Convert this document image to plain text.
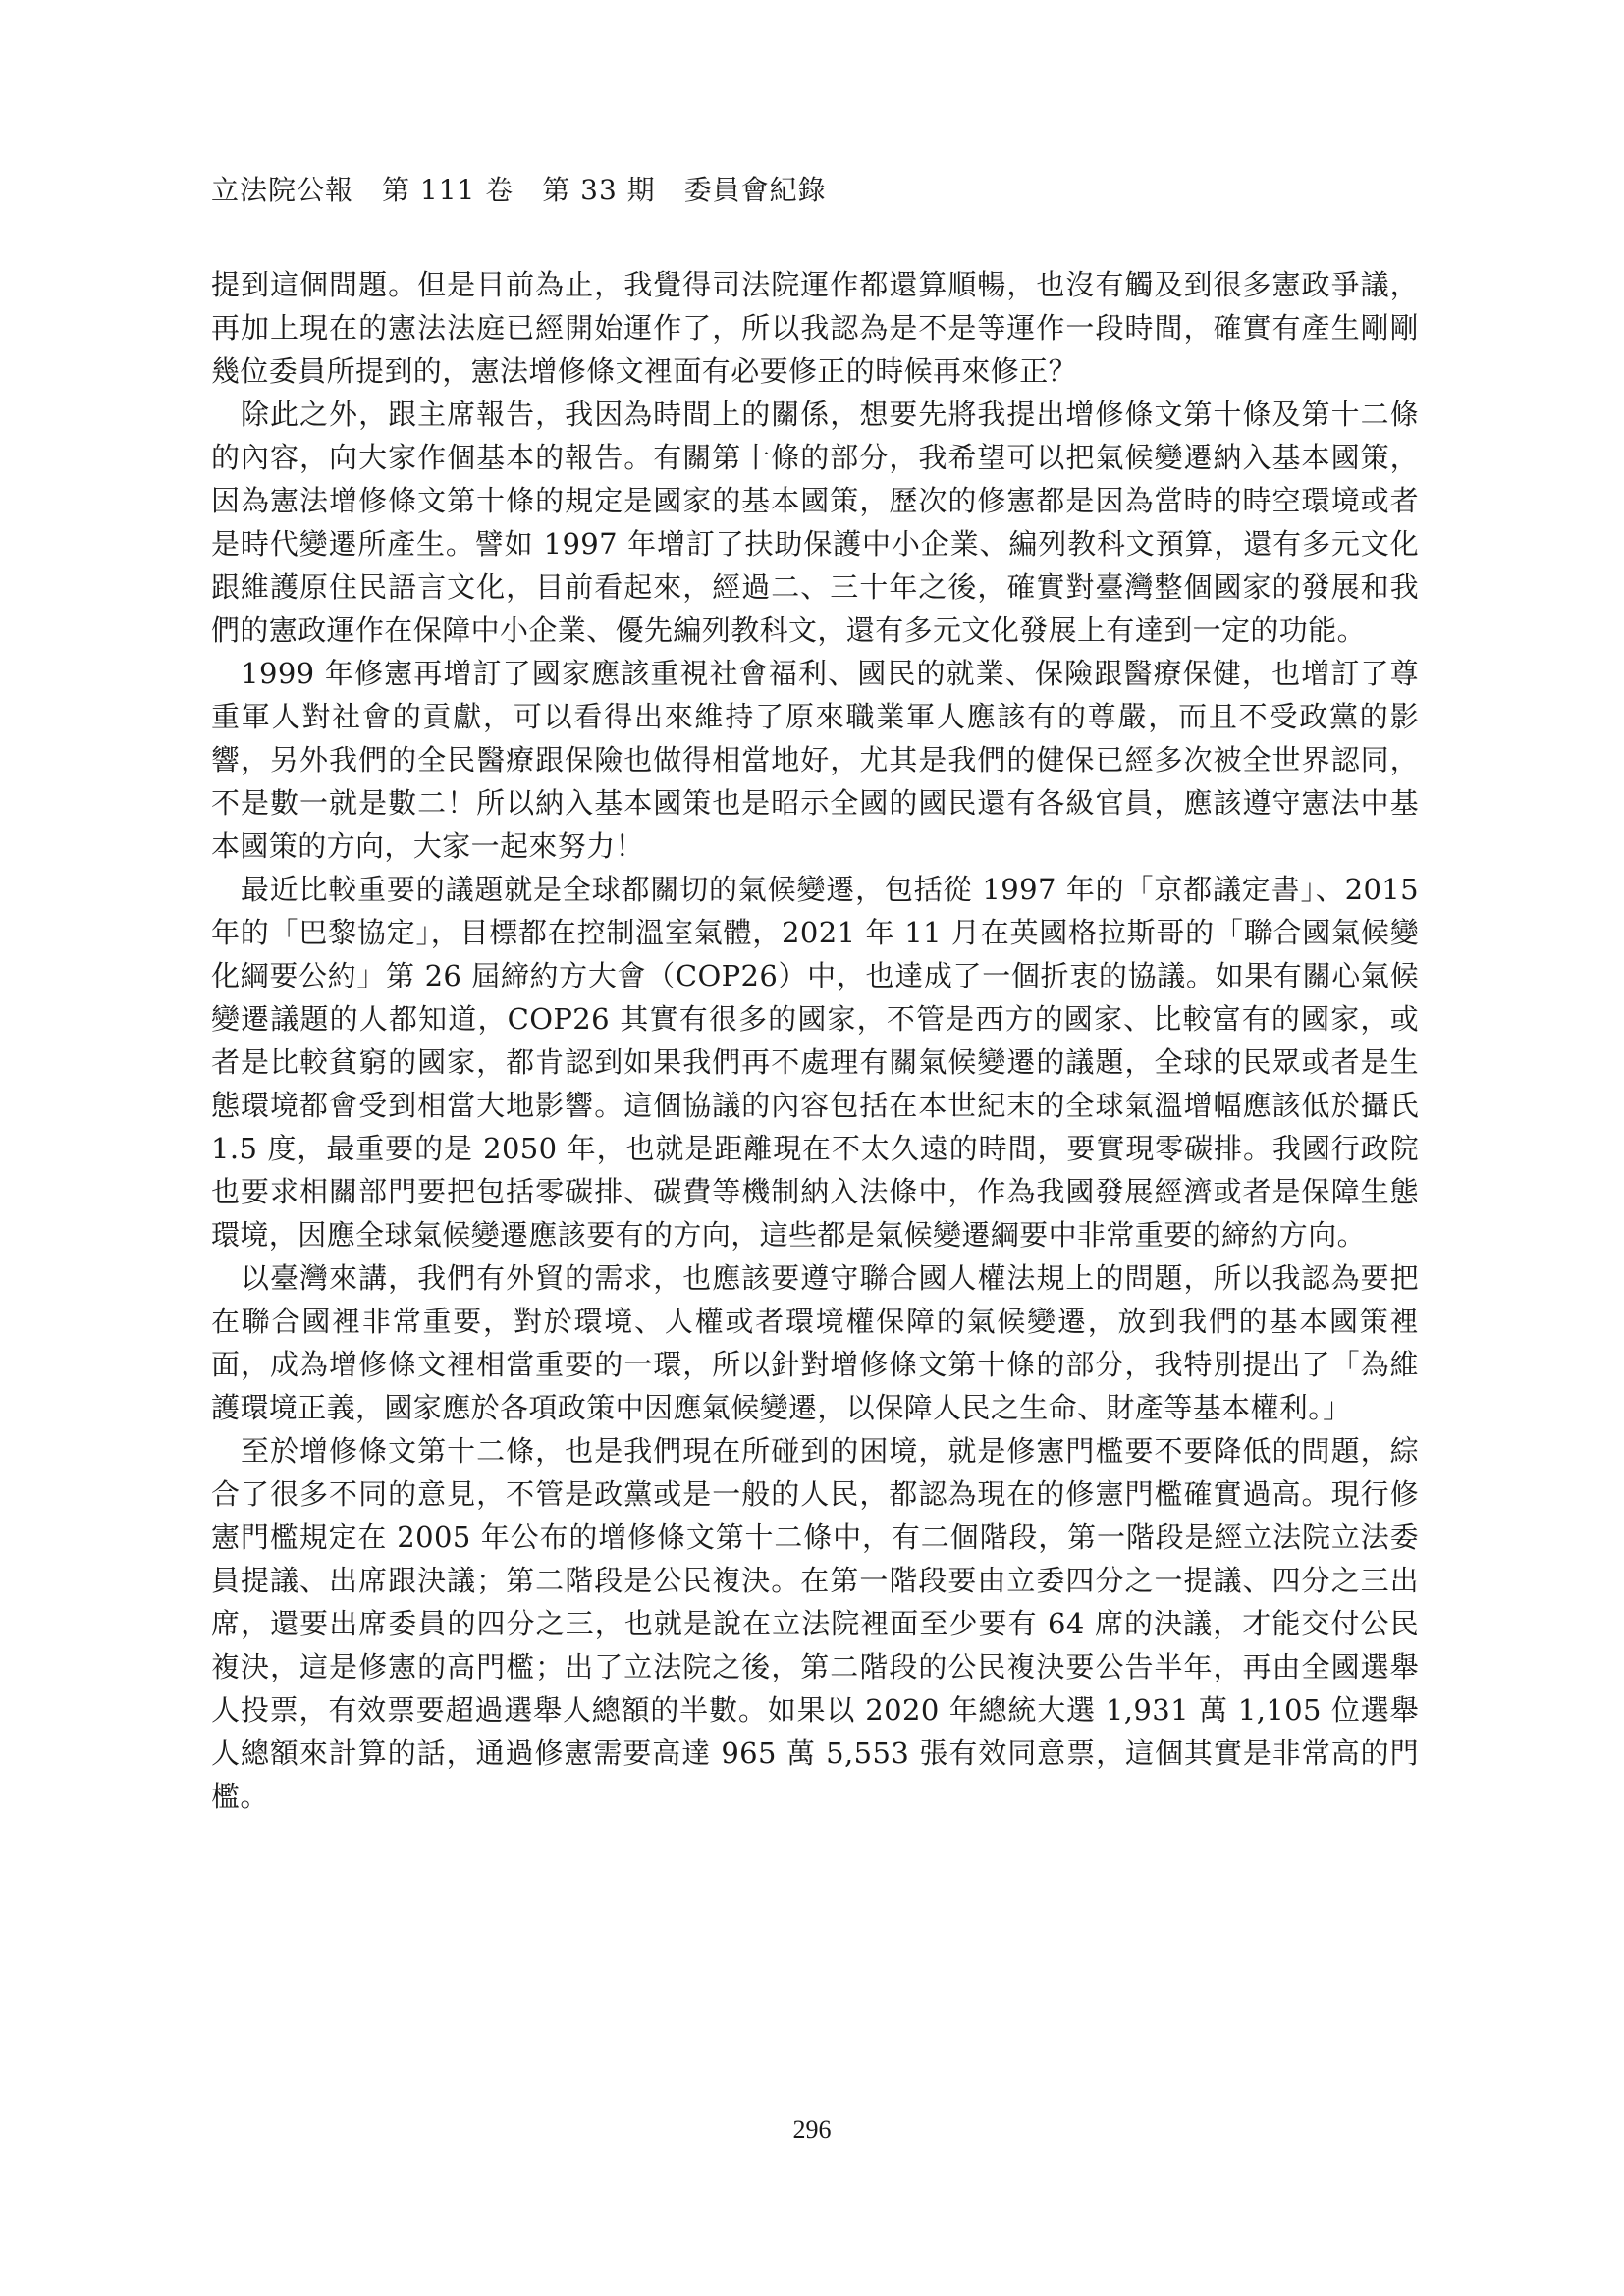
立法院公報　第 111 卷　第 33 期　委員會紀錄

提到這個問題。但是目前為止，我覺得司法院運作都還算順暢，也沒有觸及到很多憲政爭議，再加上現在的憲法法庭已經開始運作了，所以我認為是不是等運作一段時間，確實有產生剛剛幾位委員所提到的，憲法增修條文裡面有必要修正的時候再來修正？

　除此之外，跟主席報告，我因為時間上的關係，想要先將我提出增修條文第十條及第十二條的內容，向大家作個基本的報告。有關第十條的部分，我希望可以把氣候變遷納入基本國策，因為憲法增修條文第十條的規定是國家的基本國策，歷次的修憲都是因為當時的時空環境或者是時代變遷所產生。譬如 1997 年增訂了扶助保護中小企業、編列教科文預算，還有多元文化跟維護原住民語言文化，目前看起來，經過二、三十年之後，確實對臺灣整個國家的發展和我們的憲政運作在保障中小企業、優先編列教科文，還有多元文化發展上有達到一定的功能。

　1999 年修憲再增訂了國家應該重視社會福利、國民的就業、保險跟醫療保健，也增訂了尊重軍人對社會的貢獻，可以看得出來維持了原來職業軍人應該有的尊嚴，而且不受政黨的影響，另外我們的全民醫療跟保險也做得相當地好，尤其是我們的健保已經多次被全世界認同，不是數一就是數二！所以納入基本國策也是昭示全國的國民還有各級官員，應該遵守憲法中基本國策的方向，大家一起來努力！

　最近比較重要的議題就是全球都關切的氣候變遷，包括從 1997 年的「京都議定書」、2015 年的「巴黎協定」，目標都在控制溫室氣體，2021 年 11 月在英國格拉斯哥的「聯合國氣候變化綱要公約」第 26 屆締約方大會（COP26）中，也達成了一個折衷的協議。如果有關心氣候變遷議題的人都知道，COP26 其實有很多的國家，不管是西方的國家、比較富有的國家，或者是比較貧窮的國家，都肯認到如果我們再不處理有關氣候變遷的議題，全球的民眾或者是生態環境都會受到相當大地影響。這個協議的內容包括在本世紀末的全球氣溫增幅應該低於攝氏 1.5 度，最重要的是 2050 年，也就是距離現在不太久遠的時間，要實現零碳排。我國行政院也要求相關部門要把包括零碳排、碳費等機制納入法條中，作為我國發展經濟或者是保障生態環境，因應全球氣候變遷應該要有的方向，這些都是氣候變遷綱要中非常重要的締約方向。

　以臺灣來講，我們有外貿的需求，也應該要遵守聯合國人權法規上的問題，所以我認為要把在聯合國裡非常重要，對於環境、人權或者環境權保障的氣候變遷，放到我們的基本國策裡面，成為增修條文裡相當重要的一環，所以針對增修條文第十條的部分，我特別提出了「為維護環境正義，國家應於各項政策中因應氣候變遷，以保障人民之生命、財產等基本權利。」

　至於增修條文第十二條，也是我們現在所碰到的困境，就是修憲門檻要不要降低的問題，綜合了很多不同的意見，不管是政黨或是一般的人民，都認為現在的修憲門檻確實過高。現行修憲門檻規定在 2005 年公布的增修條文第十二條中，有二個階段，第一階段是經立法院立法委員提議、出席跟決議；第二階段是公民複決。在第一階段要由立委四分之一提議、四分之三出席，還要出席委員的四分之三，也就是說在立法院裡面至少要有 64 席的決議，才能交付公民複決，這是修憲的高門檻；出了立法院之後，第二階段的公民複決要公告半年，再由全國選舉人投票，有效票要超過選舉人總額的半數。如果以 2020 年總統大選 1,931 萬 1,105 位選舉人總額來計算的話，通過修憲需要高達 965 萬 5,553 張有效同意票，這個其實是非常高的門檻。

296
